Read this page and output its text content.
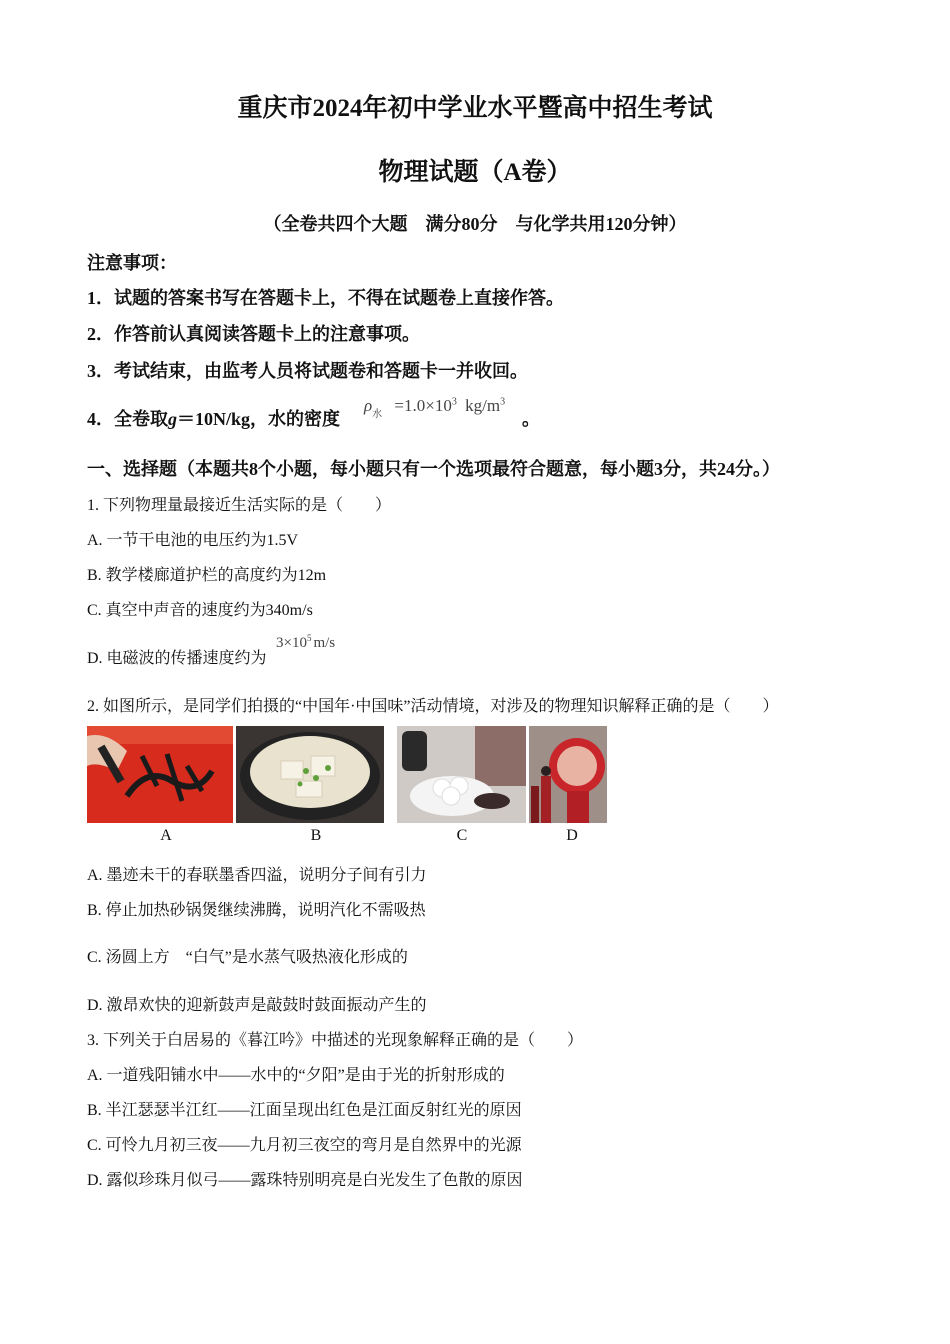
重庆市2024年初中学业水平暨高中招生考试
物理试题（A卷）
（全卷共四个大题　满分80分　与化学共用120分钟）
注意事项：
1．试题的答案书写在答题卡上，不得在试题卷上直接作答。
2．作答前认真阅读答题卡上的注意事项。
3．考试结束，由监考人员将试题卷和答题卡一并收回。
4．全卷取g＝10N/kg，水的密度
$\rho_水 =1.0\times 10^3$ $kg/m^3$
。
一、选择题（本题共8个小题，每小题只有一个选项最符合题意，每小题3分，共24分。）
1. 下列物理量最接近生活实际的是（　　）
A. 一节干电池的电压约为1.5V
B. 教学楼廊道护栏的高度约为12m
C. 真空中声音的速度约为340m/s
D. 电磁波的传播速度约为
$3\times 10^5$ m/s
2. 如图所示，是同学们拍摄的“中国年·中国味”活动情境，对涉及的物理知识解释正确的是（　　）
A	B	C	D
A. 墨迹未干的春联墨香四溢，说明分子间有引力
B. 停止加热砂锅煲继续沸腾，说明汽化不需吸热
C. 汤圆上方　“白气”是水蒸气吸热液化形成的
D. 激昂欢快的迎新鼓声是敲鼓时鼓面振动产生的
3. 下列关于白居易的《暮江吟》中描述的光现象解释正确的是（　　）
A. 一道残阳铺水中——水中的“夕阳”是由于光的折射形成的
B. 半江瑟瑟半江红——江面呈现出红色是江面反射红光的原因
C. 可怜九月初三夜——九月初三夜空的弯月是自然界中的光源
D. 露似珍珠月似弓——露珠特别明亮是白光发生了色散的原因
